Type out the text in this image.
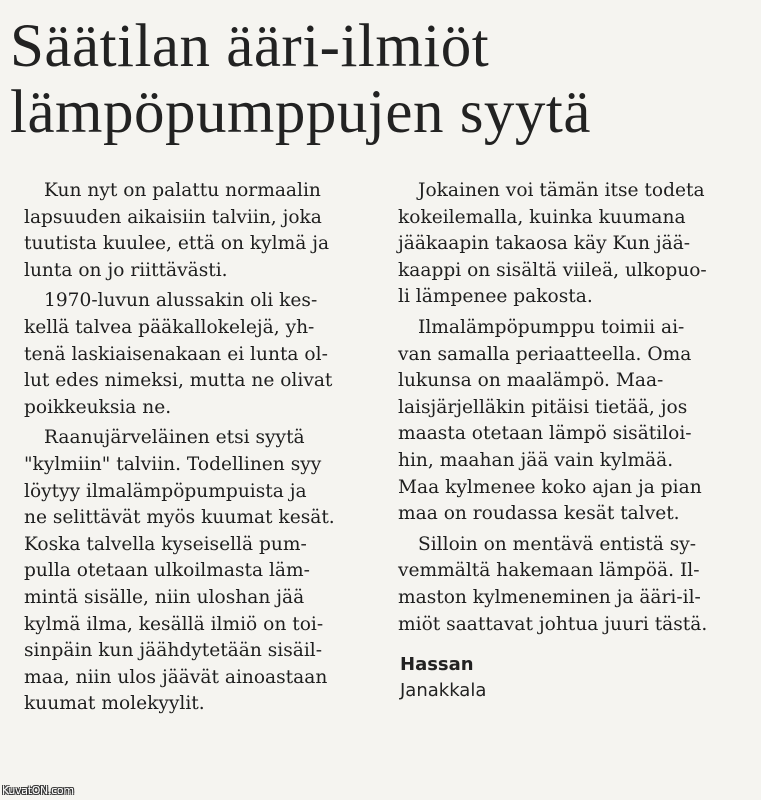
Säätilan ääri-ilmiöt
lämpöpumppujen syytä
Kun nyt on palattu normaalin
lapsuuden aikaisiin talviin, joka
tuutista kuulee, että on kylmä ja
lunta on jo riittävästi.
1970-luvun alussakin oli kes-
kellä talvea pääkallokelejä, yh-
tenä laskiaisenakaan ei lunta ol-
lut edes nimeksi, mutta ne olivat
poikkeuksia ne.
Raanujärveläinen etsi syytä
"kylmiin" talviin. Todellinen syy
löytyy ilmalämpöpumpuista ja
ne selittävät myös kuumat kesät.
Koska talvella kyseisellä pum-
pulla otetaan ulkoilmasta läm-
mintä sisälle, niin uloshan jää
kylmä ilma, kesällä ilmiö on toi-
sinpäin kun jäähdytetään sisäil-
maa, niin ulos jäävät ainoastaan
kuumat molekyylit.
Jokainen voi tämän itse todeta
kokeilemalla, kuinka kuumana
jääkaapin takaosa käy Kun jää-
kaappi on sisältä viileä, ulkopuo-
li lämpenee pakosta.
Ilmalämpöpumppu toimii ai-
van samalla periaatteella. Oma
lukunsa on maalämpö. Maa-
laisjärjelläkin pitäisi tietää, jos
maasta otetaan lämpö sisätiloi-
hin, maahan jää vain kylmää.
Maa kylmenee koko ajan ja pian
maa on roudassa kesät talvet.
Silloin on mentävä entistä sy-
vemmältä hakemaan lämpöä. Il-
maston kylmeneminen ja ääri-il-
miöt saattavat johtua juuri tästä.
Hassan
Janakkala
KuvatON.com
